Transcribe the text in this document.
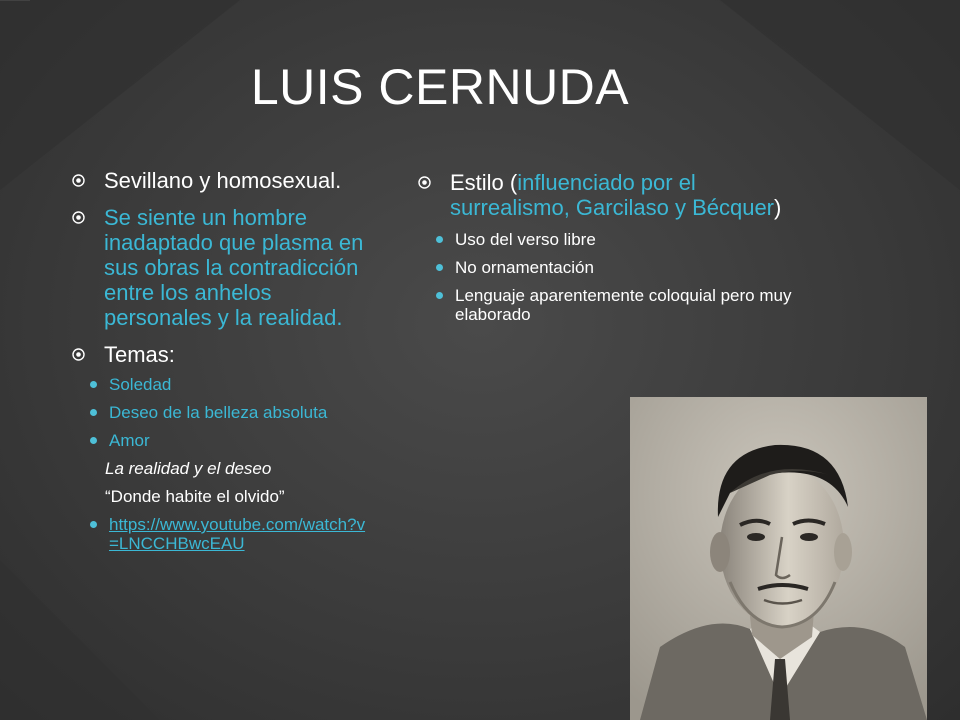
LUIS CERNUDA
Sevillano y homosexual.
Se siente un hombre inadaptado que plasma en sus obras la contradicción entre los anhelos personales y la realidad.
Temas:
Soledad
Deseo de la belleza absoluta
Amor
La realidad y el deseo
“Donde habite el olvido”
https://www.youtube.com/watch?v=LNCCHBwcEAU
Estilo (influenciado por el surrealismo, Garcilaso y Bécquer)
Uso del verso libre
No ornamentación
Lenguaje aparentemente coloquial pero muy elaborado
